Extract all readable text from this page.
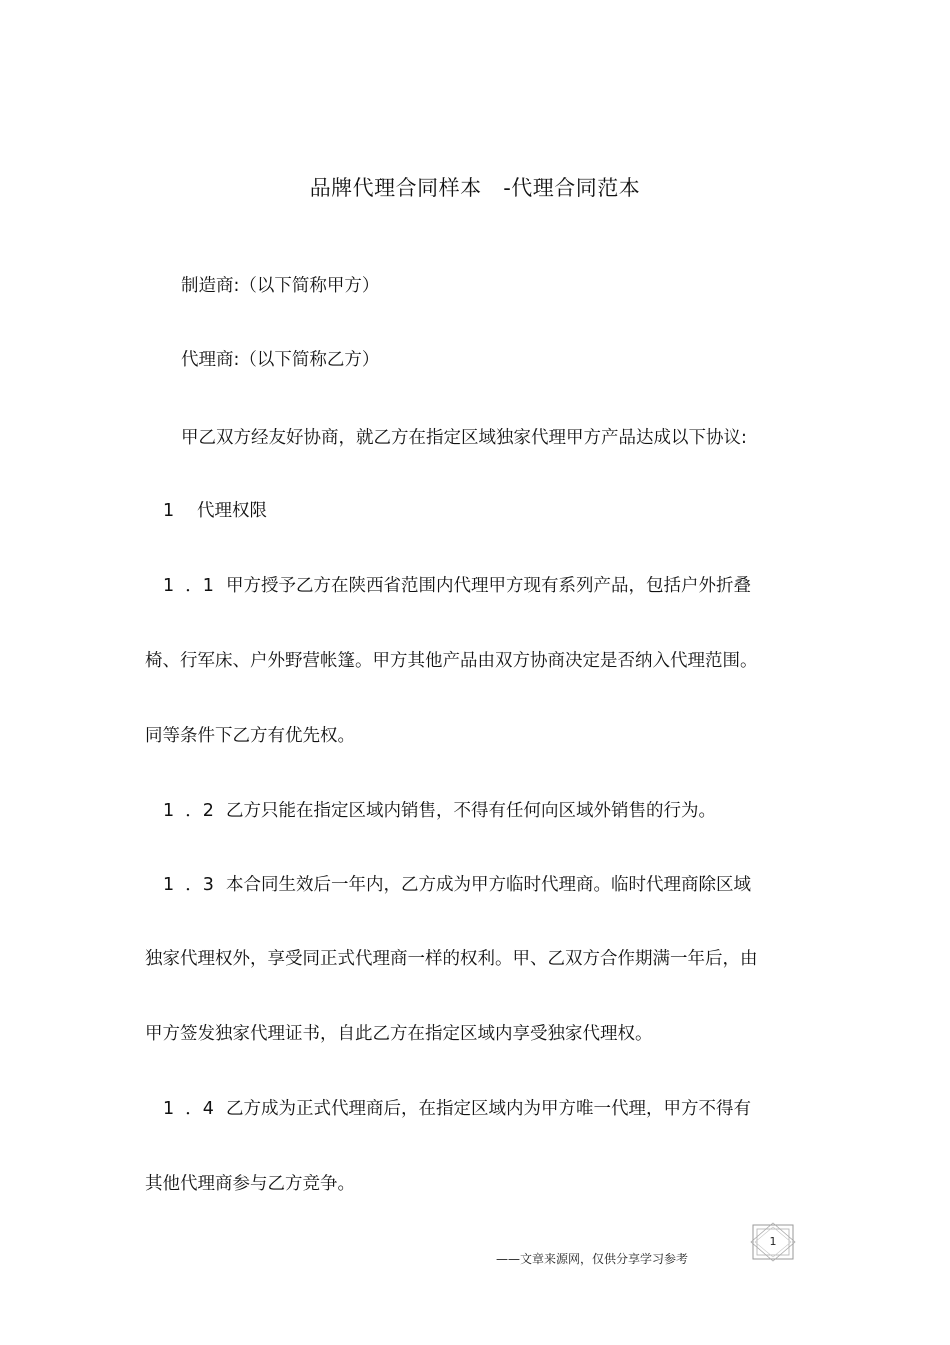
品牌代理合同样本   -代理合同范本
制造商:（以下简称甲方）
代理商:（以下简称乙方）
甲乙双方经友好协商，就乙方在指定区域独家代理甲方产品达成以下协议:
1 代理权限
1  ．1 甲方授予乙方在陕西省范围内代理甲方现有系列产品，包括户外折叠
椅、行军床、户外野营帐篷。甲方其他产品由双方协商决定是否纳入代理范围。
同等条件下乙方有优先权。
1  ．2 乙方只能在指定区域内销售，不得有任何向区域外销售的行为。
1  ．3 本合同生效后一年内，乙方成为甲方临时代理商。临时代理商除区域
独家代理权外，享受同正式代理商一样的权利。甲、乙双方合作期满一年后，由
甲方签发独家代理证书，自此乙方在指定区域内享受独家代理权。
1  ．4 乙方成为正式代理商后，在指定区域内为甲方唯一代理，甲方不得有
其他代理商参与乙方竞争。
——文章来源网，仅供分享学习参考
1
